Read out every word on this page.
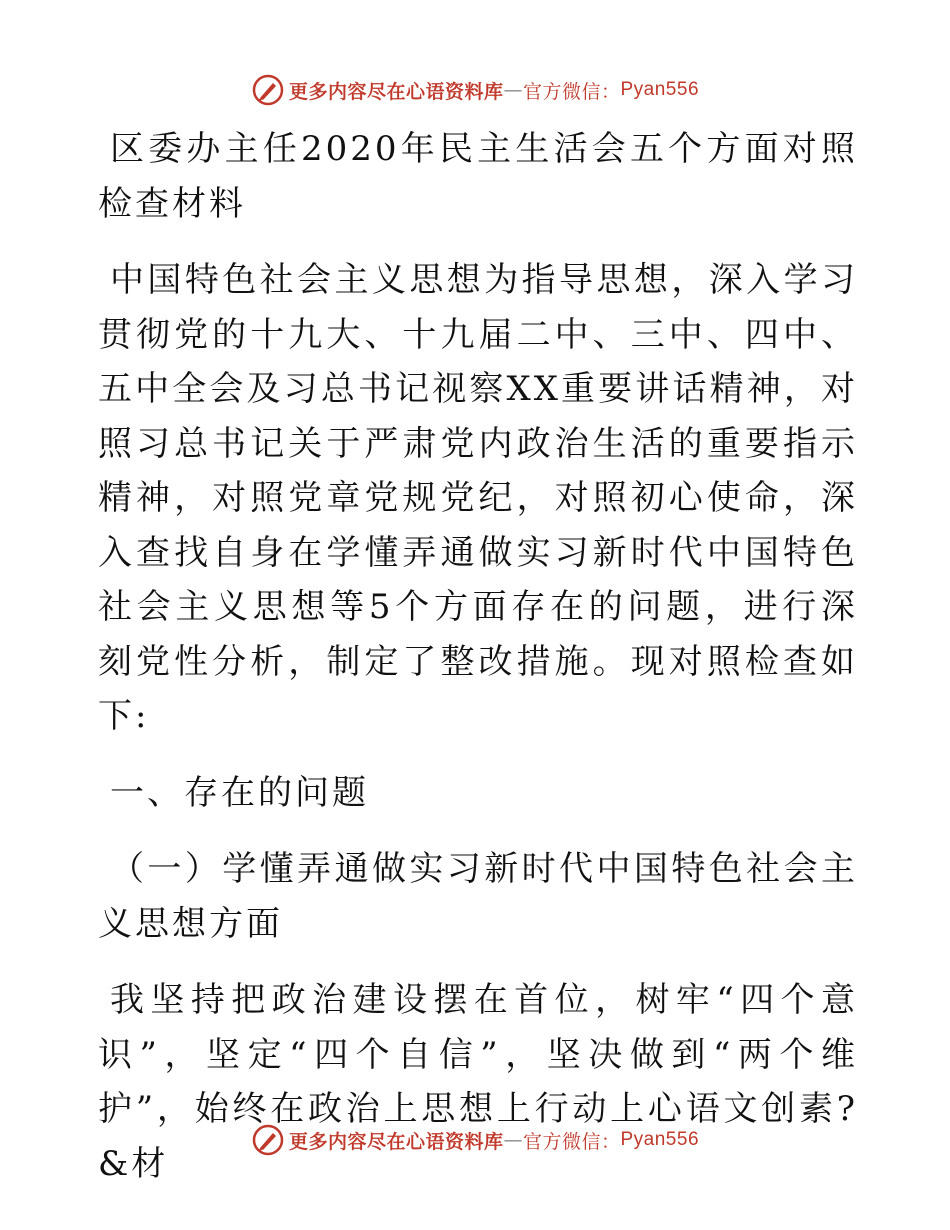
更多内容尽在心语资料库 — 官方微信： Pyan556

区委办主任2020年民主生活会五个方面对照检查材料

中国特色社会主义思想为指导思想，深入学习贯彻党的十九大、十九届二中、三中、四中、五中全会及习总书记视察XX重要讲话精神，对照习总书记关于严肃党内政治生活的重要指示精神，对照党章党规党纪，对照初心使命，深入查找自身在学懂弄通做实习新时代中国特色社会主义思想等5个方面存在的问题，进行深刻党性分析，制定了整改措施。现对照检查如下:

一、存在的问题

（一）学懂弄通做实习新时代中国特色社会主义思想方面

我坚持把政治建设摆在首位，树牢“四个意识”，坚定“四个自信”，坚决做到“两个维护”，始终在政治上思想上行动上心语文创素?&材

更多内容尽在心语资料库 — 官方微信： Pyan556
